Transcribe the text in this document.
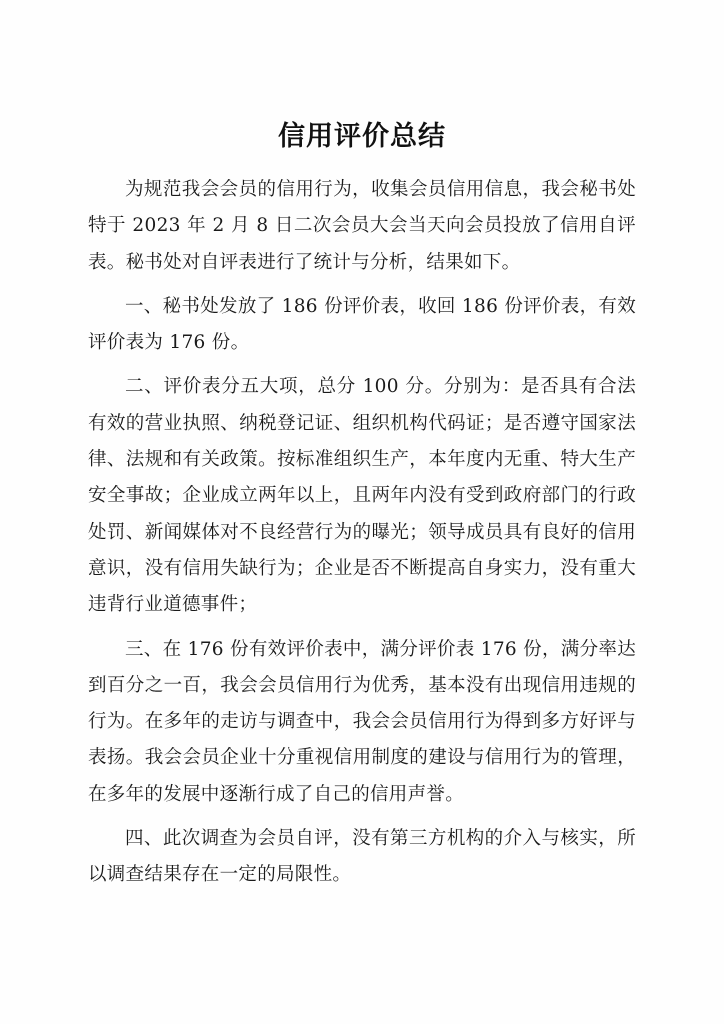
信用评价总结

为规范我会会员的信用行为，收集会员信用信息，我会秘书处特于 2023 年 2 月 8 日二次会员大会当天向会员投放了信用自评表。秘书处对自评表进行了统计与分析，结果如下。

一、秘书处发放了 186 份评价表，收回 186 份评价表，有效评价表为 176 份。

二、评价表分五大项，总分 100 分。分别为：是否具有合法有效的营业执照、纳税登记证、组织机构代码证；是否遵守国家法律、法规和有关政策。按标准组织生产，本年度内无重、特大生产安全事故；企业成立两年以上，且两年内没有受到政府部门的行政处罚、新闻媒体对不良经营行为的曝光；领导成员具有良好的信用意识，没有信用失缺行为；企业是否不断提高自身实力，没有重大违背行业道德事件；

三、在 176 份有效评价表中，满分评价表 176 份，满分率达到百分之一百，我会会员信用行为优秀，基本没有出现信用违规的行为。在多年的走访与调查中，我会会员信用行为得到多方好评与表扬。我会会员企业十分重视信用制度的建设与信用行为的管理，在多年的发展中逐渐行成了自己的信用声誉。

四、此次调查为会员自评，没有第三方机构的介入与核实，所以调查结果存在一定的局限性。
